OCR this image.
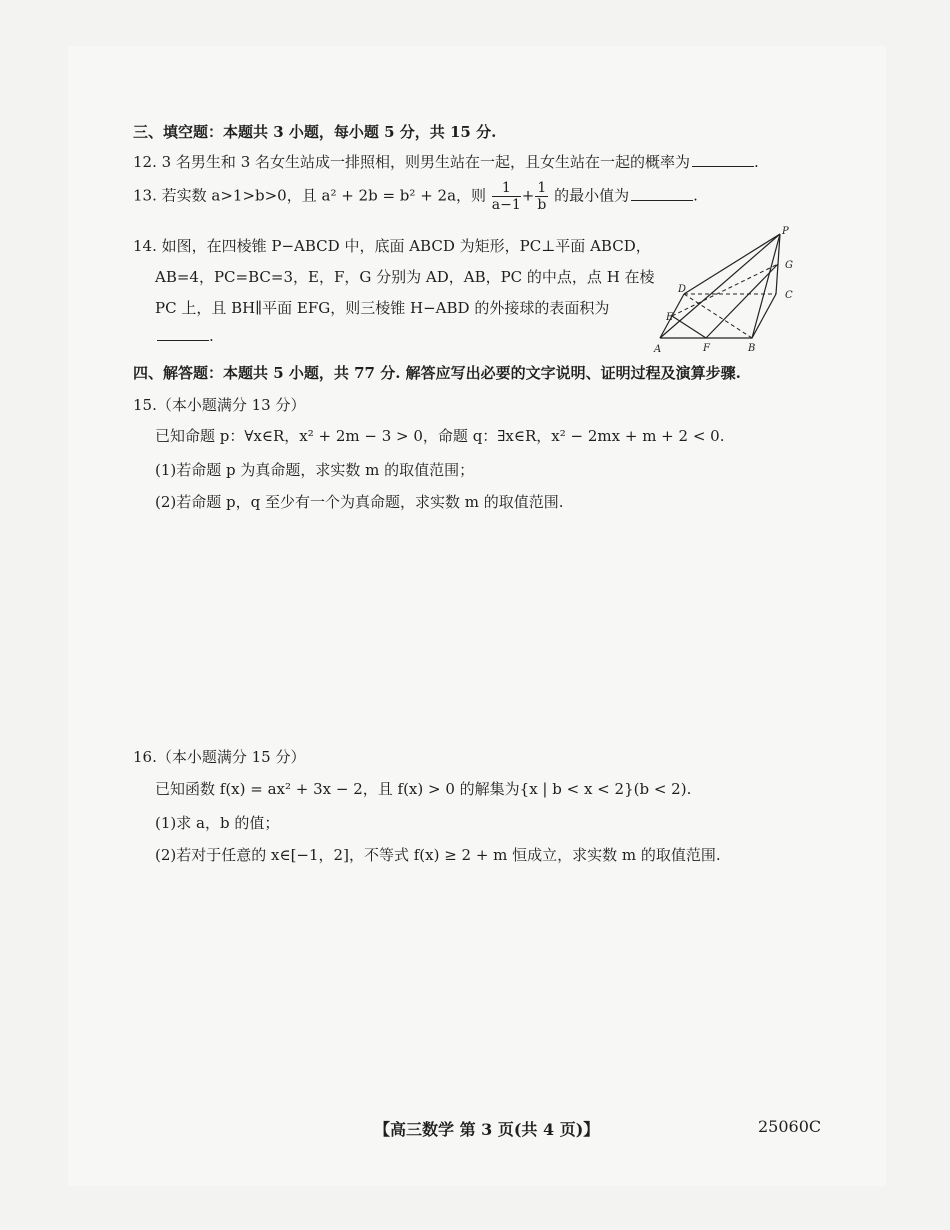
三、填空题：本题共 3 小题，每小题 5 分，共 15 分.
12. 3 名男生和 3 名女生站成一排照相，则男生站在一起，且女生站在一起的概率为	.
13. 若实数 a>1>b>0，且 a² + 2b = b² + 2a，则 $\frac{1}{a-1} + \frac{1}{b}$ 的最小值为	.
14. 如图，在四棱锥 P−ABCD 中，底面 ABCD 为矩形，PC⊥平面 ABCD，
AB=4，PC=BC=3，E，F，G 分别为 AD，AB，PC 的中点，点 H 在棱
PC 上，且 BH∥平面 EFG，则三棱锥 H−ABD 的外接球的表面积为
.
P
G
D
C
E
A	F	B
四、解答题：本题共 5 小题，共 77 分. 解答应写出必要的文字说明、证明过程及演算步骤.
15.（本小题满分 13 分）
已知命题 p：∀x∈R，x² + 2m − 3 > 0，命题 q：∃x∈R，x² − 2mx + m + 2 < 0.
(1)若命题 p 为真命题，求实数 m 的取值范围；
(2)若命题 p，q 至少有一个为真命题，求实数 m 的取值范围.
16.（本小题满分 15 分）
已知函数 f(x) = ax² + 3x − 2，且 f(x) > 0 的解集为{x | b < x < 2}(b < 2).
(1)求 a，b 的值；
(2)若对于任意的 x∈[−1，2]，不等式 f(x) ≥ 2 + m 恒成立，求实数 m 的取值范围.
【高三数学 第 3 页(共 4 页)】	25060C
